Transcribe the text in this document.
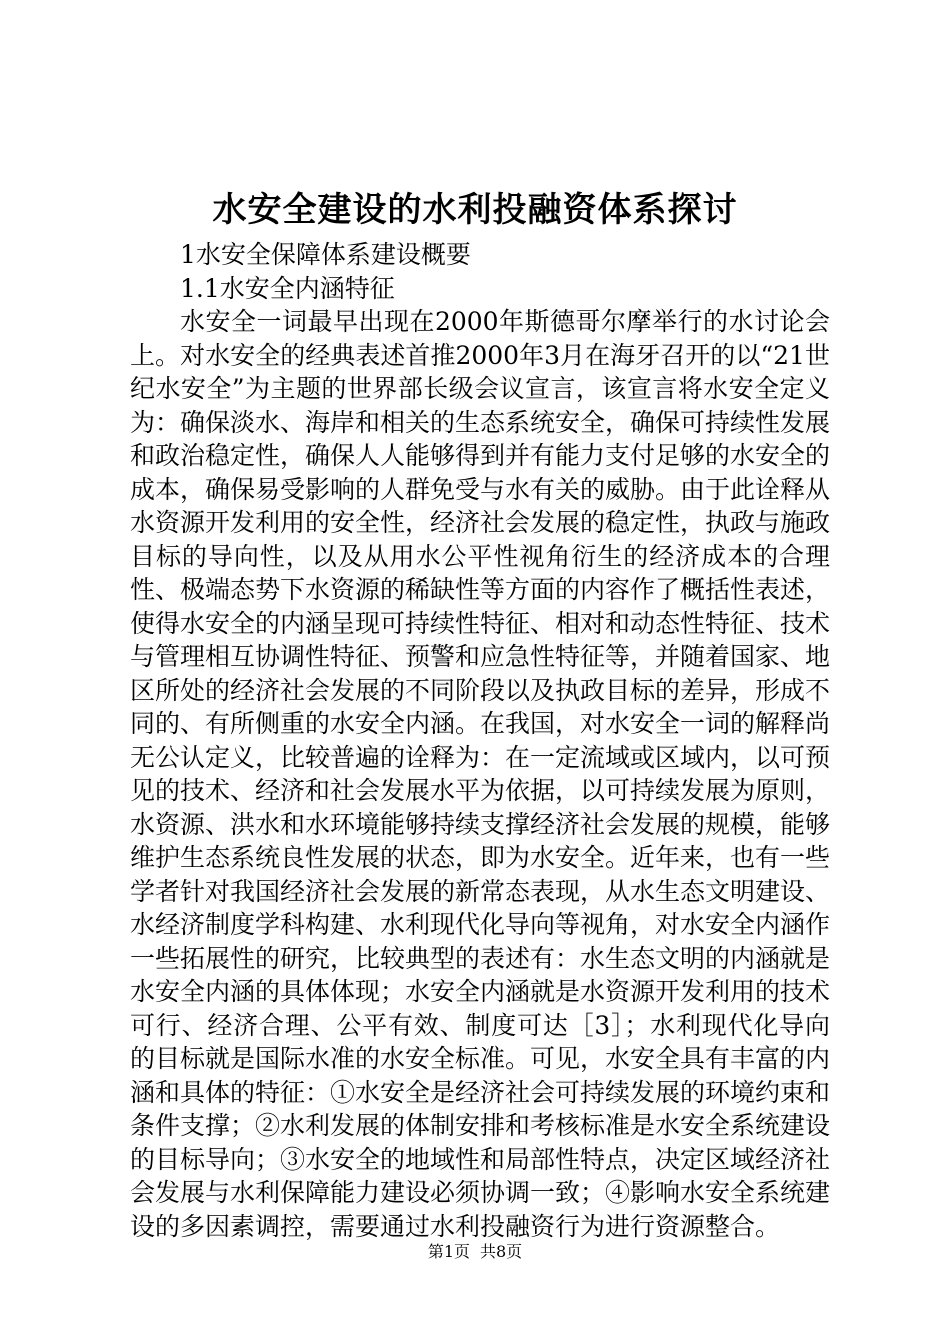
水安全建设的水利投融资体系探讨

1水安全保障体系建设概要

1.1水安全内涵特征

水安全一词最早出现在2000年斯德哥尔摩举行的水讨论会上。对水安全的经典表述首推2000年3月在海牙召开的以“21世纪水安全”为主题的世界部长级会议宣言，该宣言将水安全定义为：确保淡水、海岸和相关的生态系统安全，确保可持续性发展和政治稳定性，确保人人能够得到并有能力支付足够的水安全的成本，确保易受影响的人群免受与水有关的威胁。由于此诠释从水资源开发利用的安全性，经济社会发展的稳定性，执政与施政目标的导向性，以及从用水公平性视角衍生的经济成本的合理性、极端态势下水资源的稀缺性等方面的内容作了概括性表述，使得水安全的内涵呈现可持续性特征、相对和动态性特征、技术与管理相互协调性特征、预警和应急性特征等，并随着国家、地区所处的经济社会发展的不同阶段以及执政目标的差异，形成不同的、有所侧重的水安全内涵。在我国，对水安全一词的解释尚无公认定义，比较普遍的诠释为：在一定流域或区域内，以可预见的技术、经济和社会发展水平为依据，以可持续发展为原则，水资源、洪水和水环境能够持续支撑经济社会发展的规模，能够维护生态系统良性发展的状态，即为水安全。近年来，也有一些学者针对我国经济社会发展的新常态表现，从水生态文明建设、水经济制度学科构建、水利现代化导向等视角，对水安全内涵作一些拓展性的研究，比较典型的表述有：水生态文明的内涵就是水安全内涵的具体体现；水安全内涵就是水资源开发利用的技术可行、经济合理、公平有效、制度可达［3］；水利现代化导向的目标就是国际水准的水安全标准。可见，水安全具有丰富的内涵和具体的特征：①水安全是经济社会可持续发展的环境约束和条件支撑；②水利发展的体制安排和考核标准是水安全系统建设的目标导向；③水安全的地域性和局部性特点，决定区域经济社会发展与水利保障能力建设必须协调一致；④影响水安全系统建设的多因素调控，需要通过水利投融资行为进行资源整合。

第1页 共8页
